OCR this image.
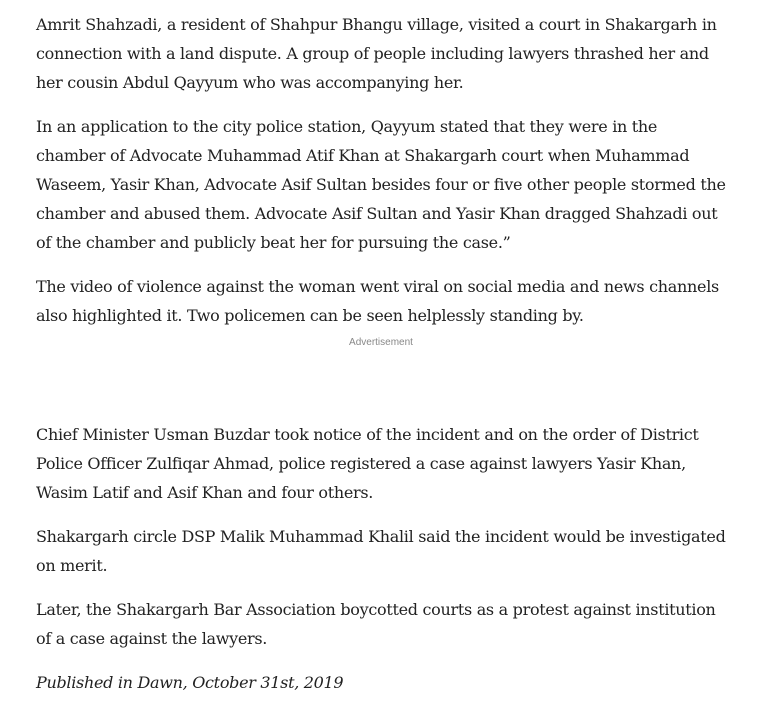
Amrit Shahzadi, a resident of Shahpur Bhangu village, visited a court in Shakargarh in connection with a land dispute. A group of people including lawyers thrashed her and her cousin Abdul Qayyum who was accompanying her.

In an application to the city police station, Qayyum stated that they were in the chamber of Advocate Muhammad Atif Khan at Shakargarh court when Muhammad Waseem, Yasir Khan, Advocate Asif Sultan besides four or five other people stormed the chamber and abused them. Advocate Asif Sultan and Yasir Khan dragged Shahzadi out of the chamber and publicly beat her for pursuing the case.”

The video of violence against the woman went viral on social media and news channels also highlighted it. Two policemen can be seen helplessly standing by.

Advertisement

Chief Minister Usman Buzdar took notice of the incident and on the order of District Police Officer Zulfiqar Ahmad, police registered a case against lawyers Yasir Khan, Wasim Latif and Asif Khan and four others.

Shakargarh circle DSP Malik Muhammad Khalil said the incident would be investigated on merit.

Later, the Shakargarh Bar Association boycotted courts as a protest against institution of a case against the lawyers.

Published in Dawn, October 31st, 2019
